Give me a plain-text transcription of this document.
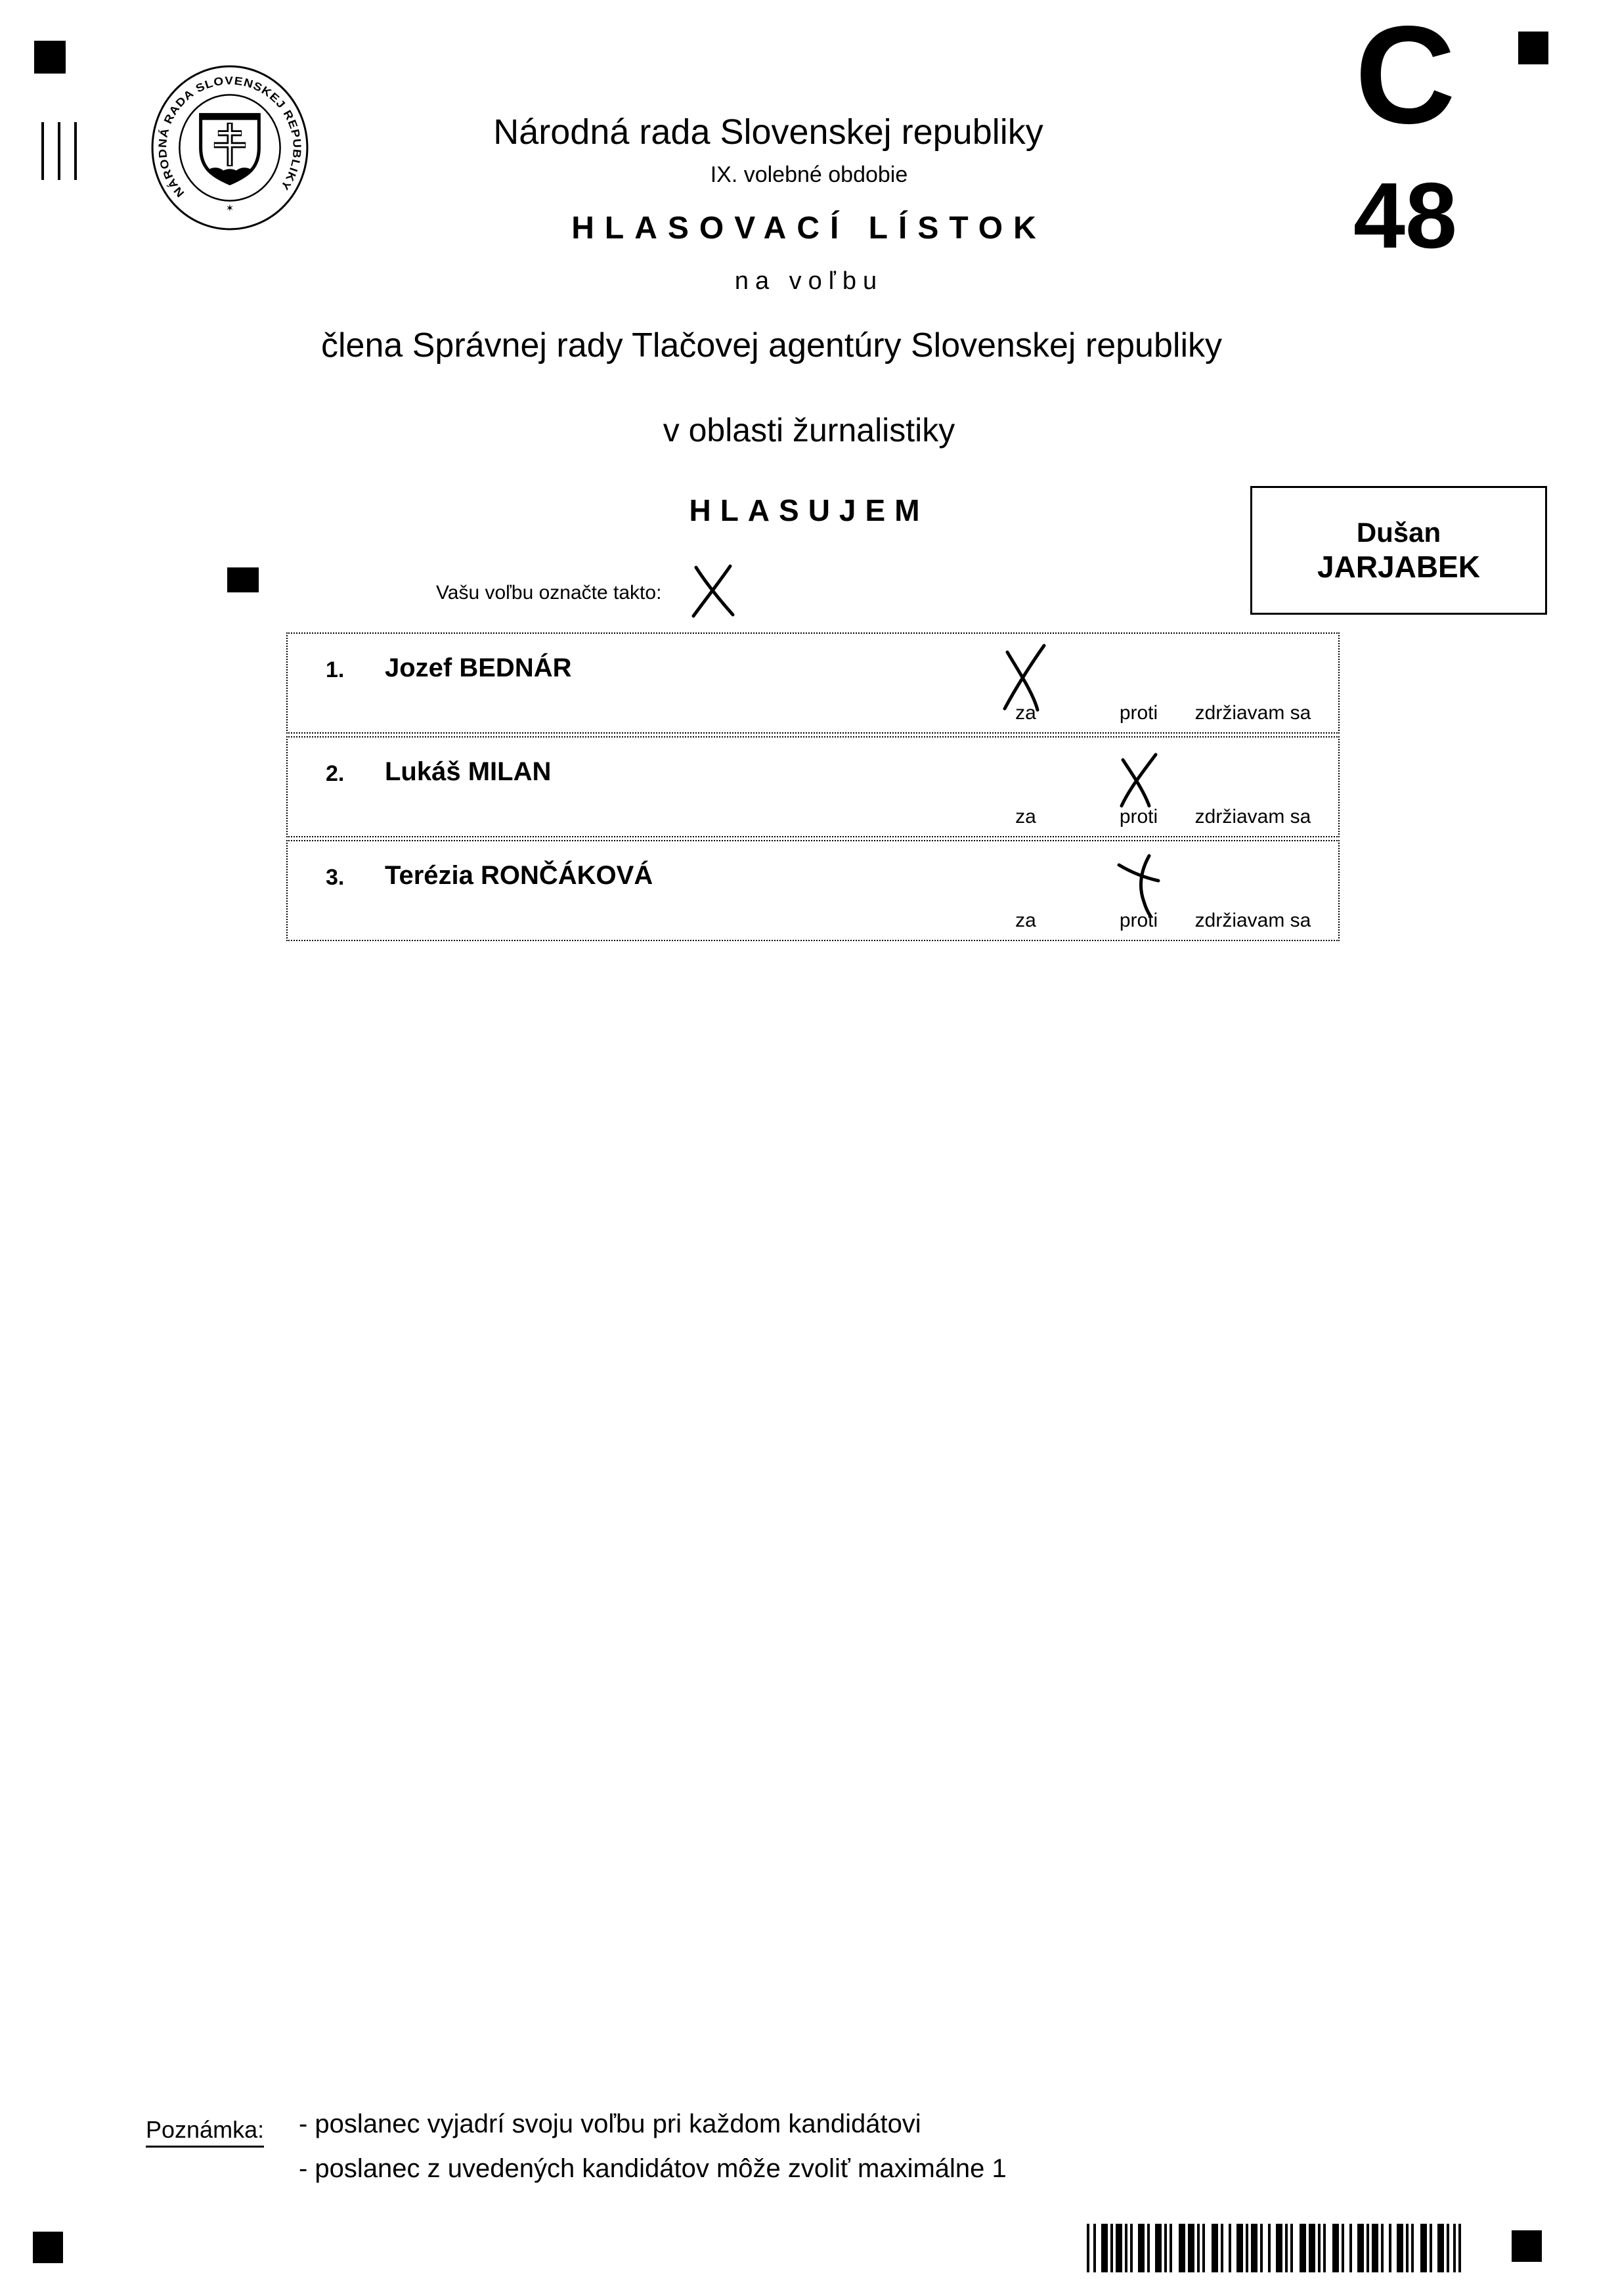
NÁRODNÁ RADA SLOVENSKEJ REPUBLIKY
✶
Národná rada Slovenskej republiky
IX. volebné obdobie
HLASOVACÍ LÍSTOK
na voľbu
člena Správnej rady Tlačovej agentúry Slovenskej republiky
v oblasti žurnalistiky
HLASUJEM
C
48
Dušan
JARJABEK
Vašu voľbu označte takto:
1. Jozef BEDNÁR
za	proti zdržiavam sa
2. Lukáš MILAN
za	proti zdržiavam sa
3. Terézia RONČÁKOVÁ
za	proti zdržiavam sa
Poznámka: - poslanec vyjadrí svoju voľbu pri každom kandidátovi
- poslanec z uvedených kandidátov môže zvoliť maximálne 1
